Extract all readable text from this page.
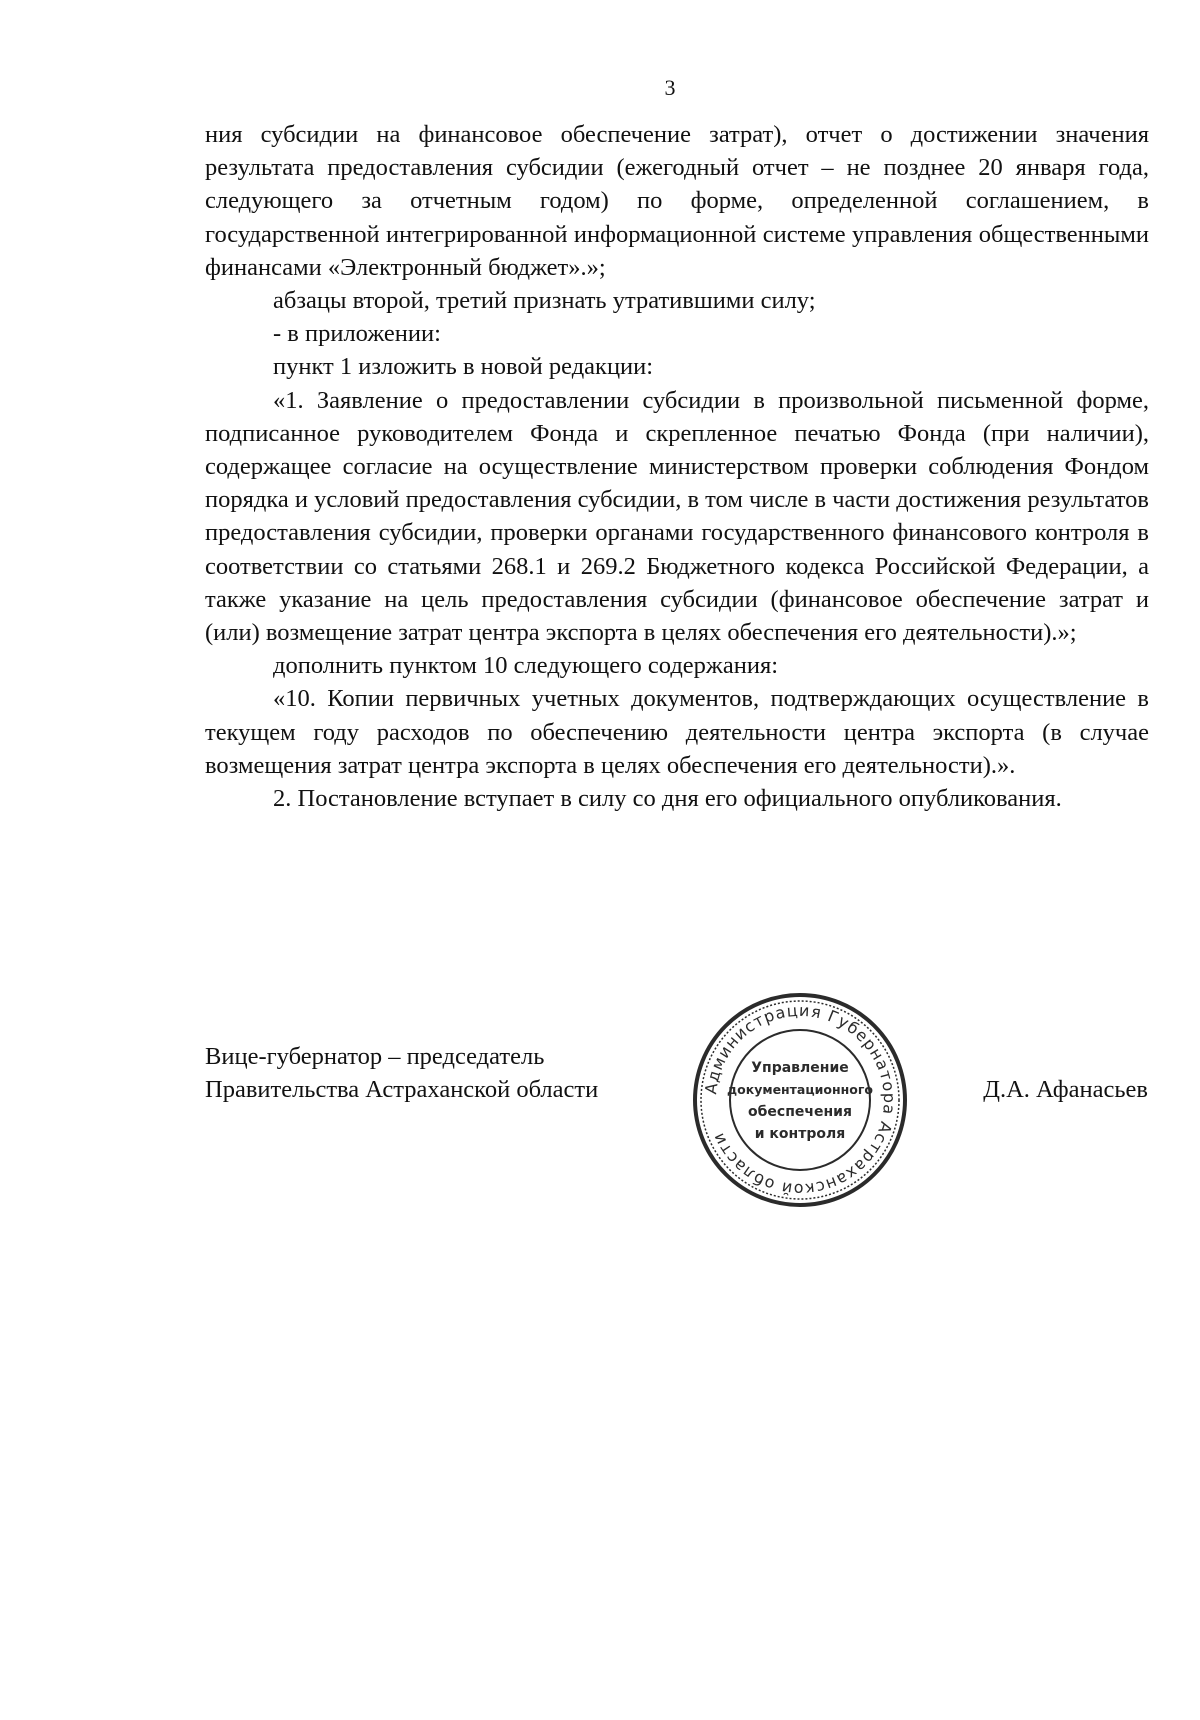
3

ния субсидии на финансовое обеспечение затрат), отчет о достижении значения результата предоставления субсидии (ежегодный отчет – не позднее 20 января года, следующего за отчетным годом) по форме, определенной соглашением, в государственной интегрированной информационной системе управления общественными финансами «Электронный бюджет».»;

абзацы второй, третий признать утратившими силу;

- в приложении:

пункт 1 изложить в новой редакции:

«1. Заявление о предоставлении субсидии в произвольной письменной форме, подписанное руководителем Фонда и скрепленное печатью Фонда (при наличии), содержащее согласие на осуществление министерством проверки соблюдения Фондом порядка и условий предоставления субсидии, в том числе в части достижения результатов предоставления субсидии, проверки органами государственного финансового контроля в соответствии со статьями 268.1 и 269.2 Бюджетного кодекса Российской Федерации, а также указание на цель предоставления субсидии (финансовое обеспечение затрат и (или) возмещение затрат центра экспорта в целях обеспечения его деятельности).»;

дополнить пунктом 10 следующего содержания:

«10. Копии первичных учетных документов, подтверждающих осуществление в текущем году расходов по обеспечению деятельности центра экспорта (в случае возмещения затрат центра экспорта в целях обеспечения его деятельности).».

2. Постановление вступает в силу со дня его официального опубликования.

Вице-губернатор – председатель
Правительства Астраханской области	Администрация Губернатора Астраханской области
Управление
документационного
обеспечения
и контроля
Д.А. Афанасьев
